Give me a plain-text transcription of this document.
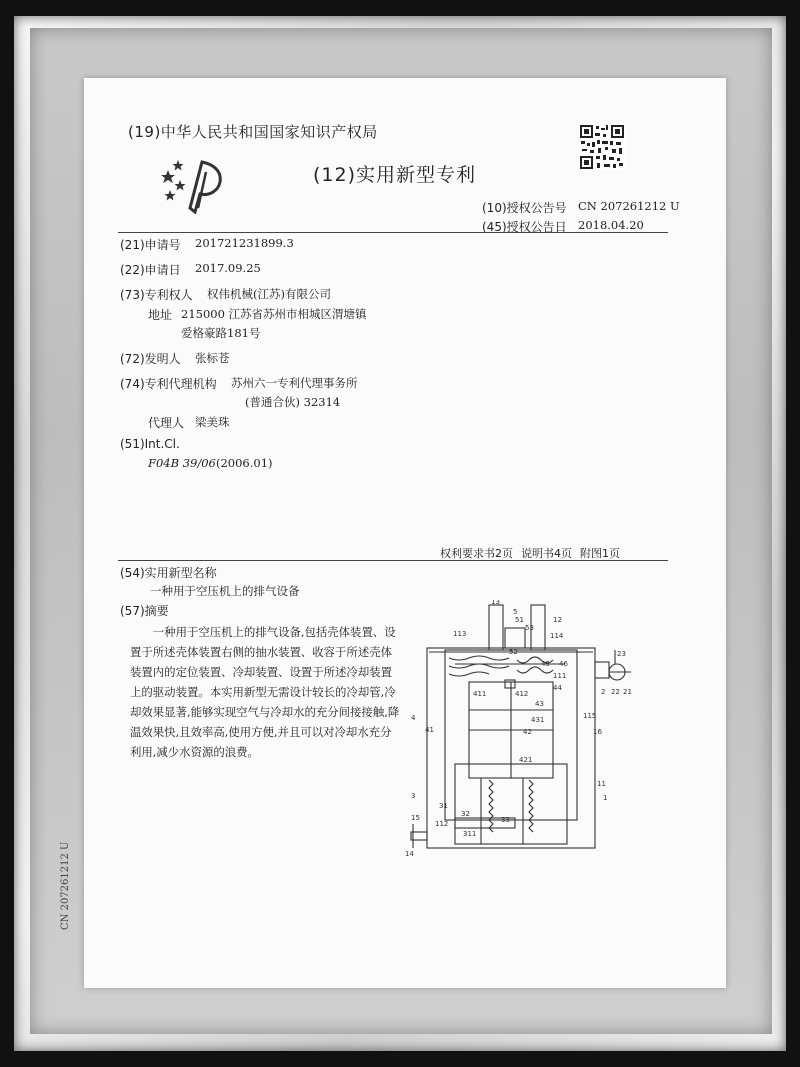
(19)中华人民共和国国家知识产权局
(12)实用新型专利
(10)授权公告号 CN 207261212 U
(45)授权公告日 2018.04.20
(21)申请号 201721231899.3
(22)申请日 2017.09.25
(73)专利权人 权伟机械(江苏)有限公司
地址 215000 江苏省苏州市相城区渭塘镇
爱格豪路181号
(72)发明人 张标苍
(74)专利代理机构 苏州六一专利代理事务所
(普通合伙) 32314
代理人 梁美珠
(51)Int.Cl.
F04B 39/06 (2006.01)
权利要求书2页 说明书4页 附图1页
(54)实用新型名称
一种用于空压机上的排气设备
(57)摘要
一种用于空压机上的排气设备,包括壳体装置、设置于所述壳体装置右侧的抽水装置、收容于所述壳体装置内的定位装置、冷却装置、设置于所述冷却装置上的驱动装置。本实用新型无需设计较长的冷却管,冷却效果显著,能够实现空气与冷却水的充分间接接触,降温效果快,且效率高,使用方便,并且可以对冷却水充分利用,减少水资源的浪费。
CN 207261212 U
13
5
12
51
53
113	114
52
45 46
23
111
44
411	412
43
431
2 22 21
4
41	42
115
16
421
3
11
31
32
33
1
15
112
311
14
